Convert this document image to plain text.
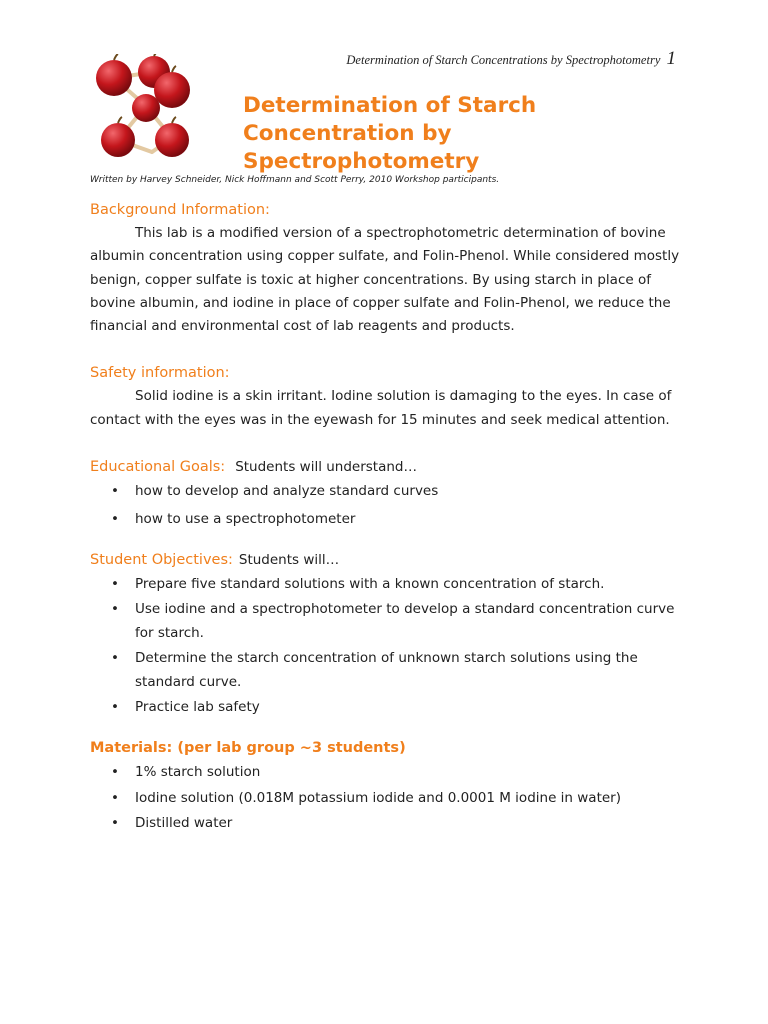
Determination of Starch Concentrations by Spectrophotometry 1
Determination of Starch
Concentration by
Spectrophotometry
Written by Harvey Schneider, Nick Hoffmann and Scott Perry, 2010 Workshop participants.

Background Information:

This lab is a modified version of a spectrophotometric determination of bovine albumin concentration using copper sulfate, and Folin-Phenol. While considered mostly benign, copper sulfate is toxic at higher concentrations. By using starch in place of bovine albumin, and iodine in place of copper sulfate and Folin-Phenol, we reduce the financial and environmental cost of lab reagents and products.

Safety information:

Solid iodine is a skin irritant. Iodine solution is damaging to the eyes. In case of contact with the eyes was in the eyewash for 15 minutes and seek medical attention.

Educational Goals: Students will understand…
• how to develop and analyze standard curves
• how to use a spectrophotometer
Student Objectives: Students will…
• Prepare five standard solutions with a known concentration of starch.
• Use iodine and a spectrophotometer to develop a standard concentration curve for starch.
• Determine the starch concentration of unknown starch solutions using the standard curve.
• Practice lab safety

Materials: (per lab group ~3 students)

• 1% starch solution
• Iodine solution (0.018M potassium iodide and 0.0001 M iodine in water)
• Distilled water
